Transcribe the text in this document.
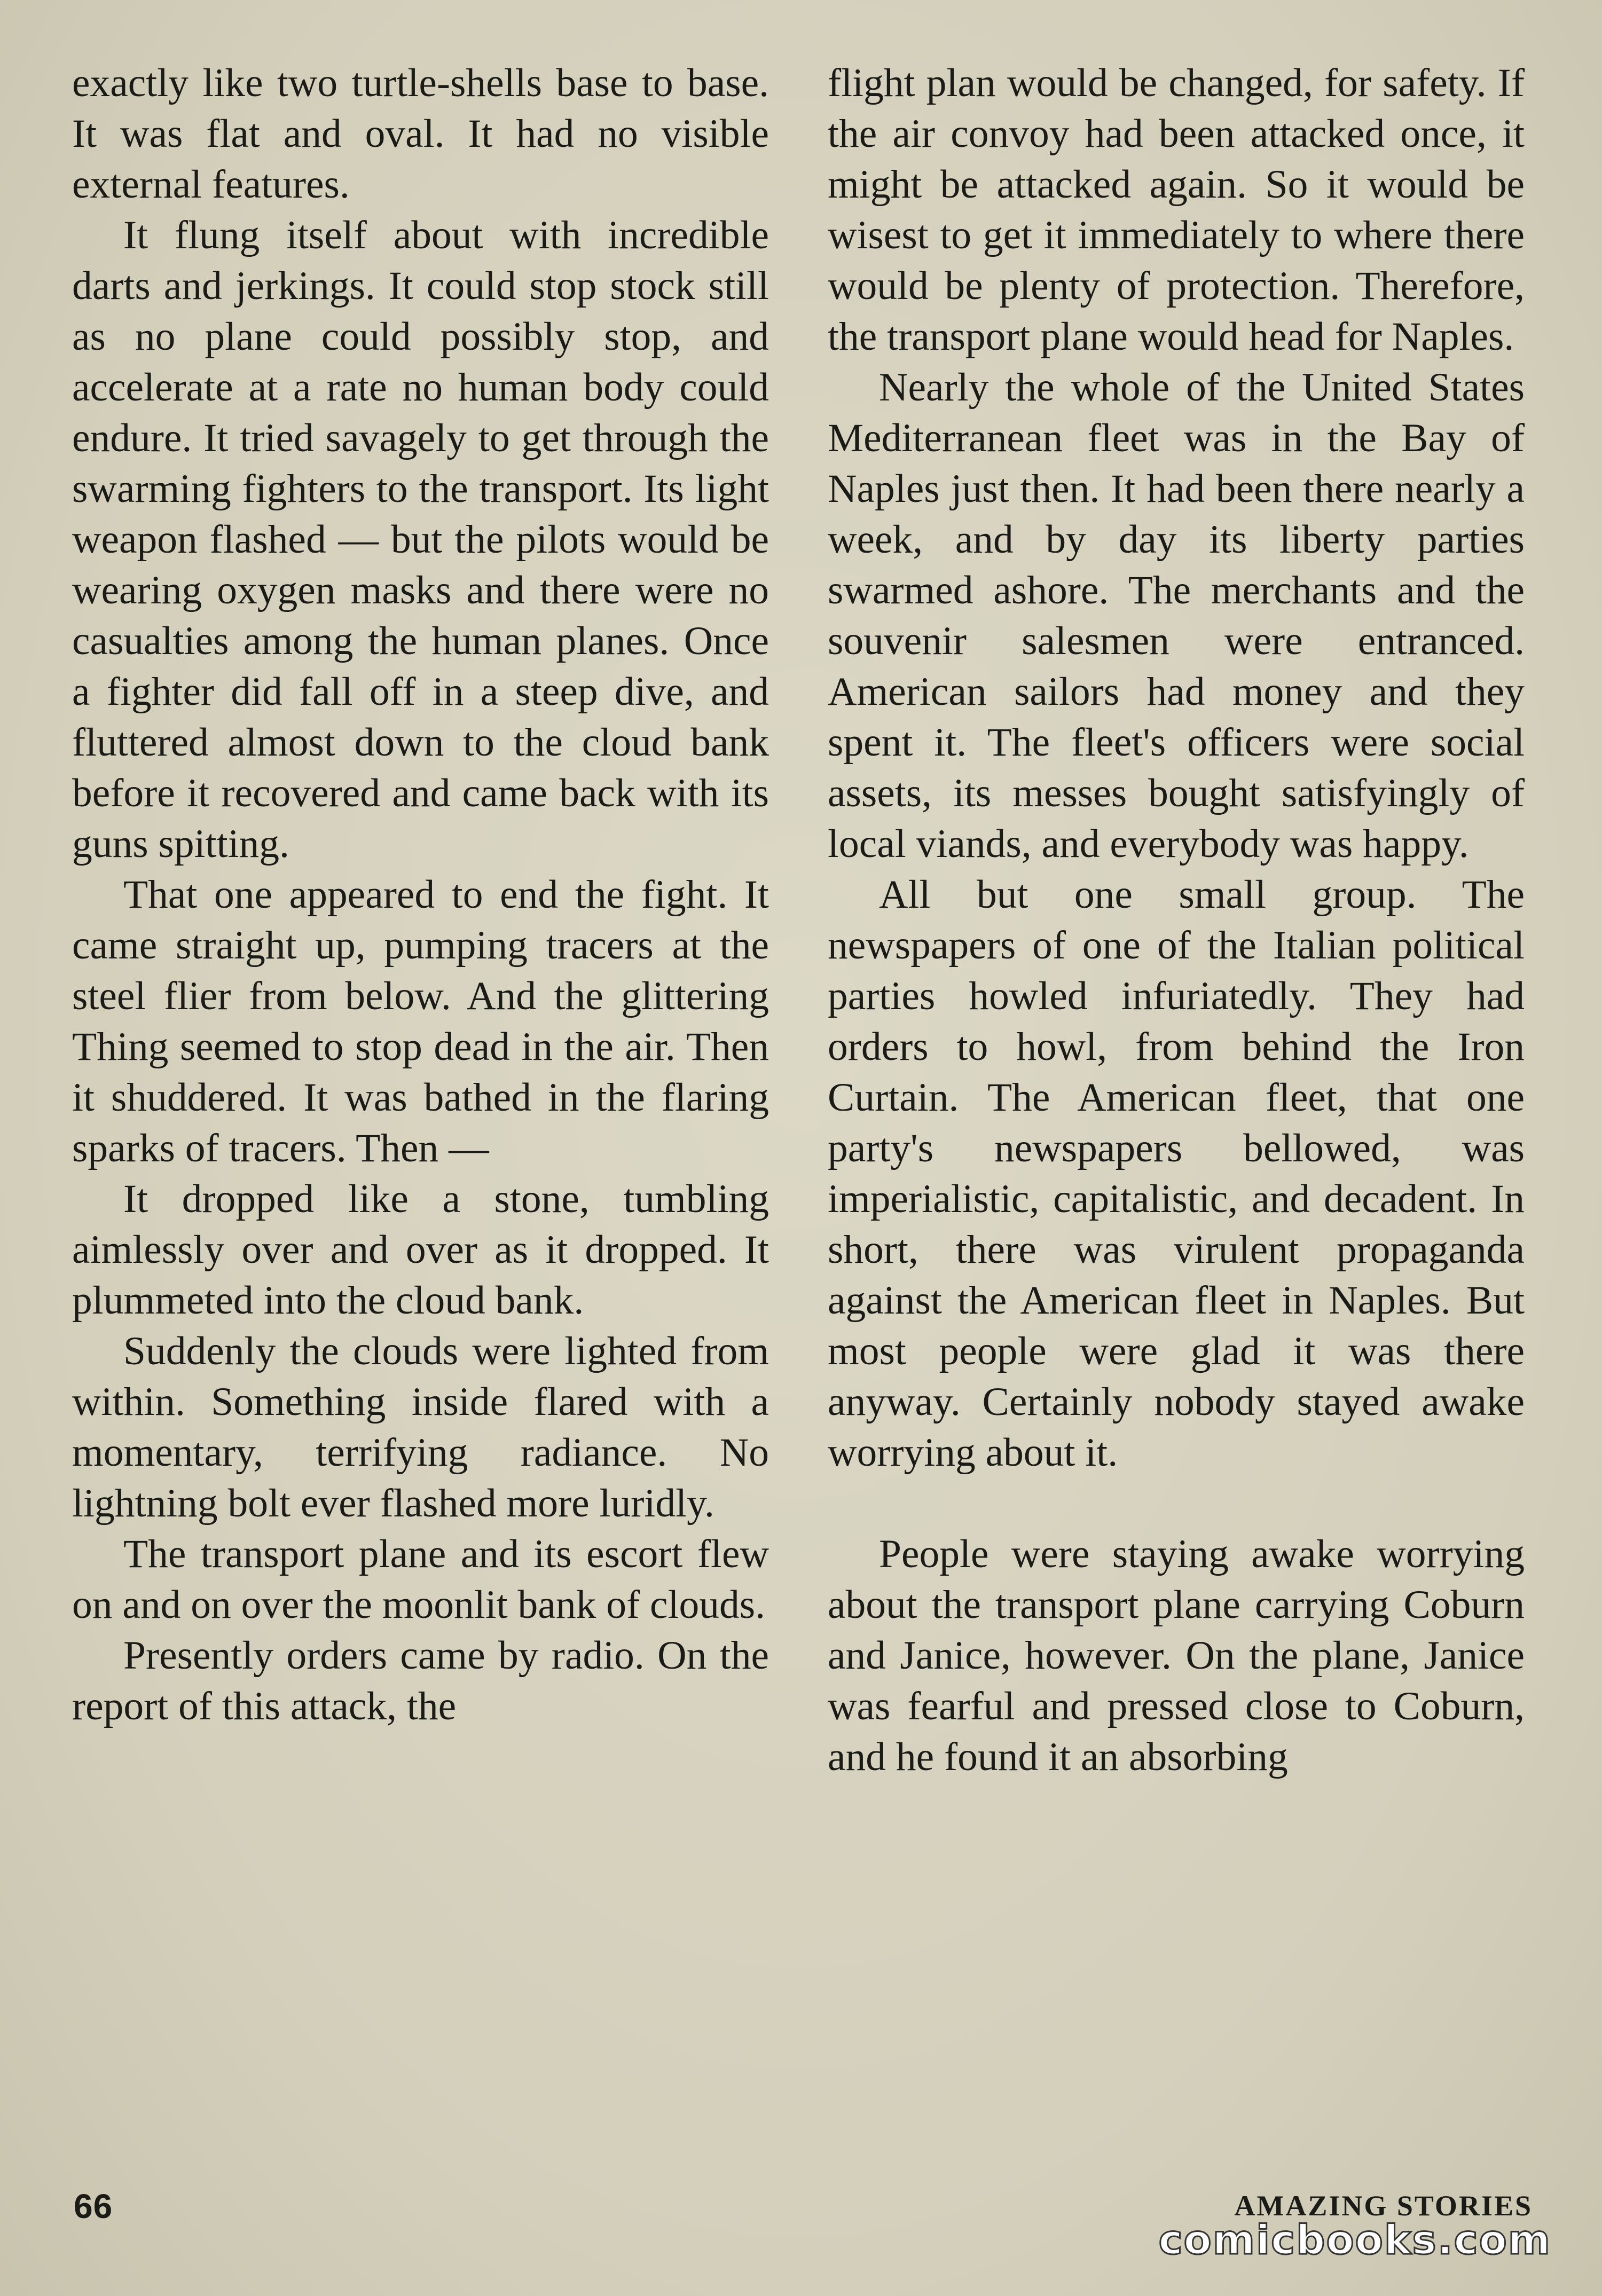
exactly like two turtle-shells base to base. It was flat and oval. It had no visible external features.

It flung itself about with incredible darts and jerkings. It could stop stock still as no plane could possibly stop, and accelerate at a rate no human body could endure. It tried savagely to get through the swarming fighters to the transport. Its light weapon flashed — but the pilots would be wearing oxygen masks and there were no casualties among the human planes. Once a fighter did fall off in a steep dive, and fluttered almost down to the cloud bank before it recovered and came back with its guns spitting.

That one appeared to end the fight. It came straight up, pumping tracers at the steel flier from below. And the glittering Thing seemed to stop dead in the air. Then it shuddered. It was bathed in the flaring sparks of tracers. Then —

It dropped like a stone, tumbling aimlessly over and over as it dropped. It plummeted into the cloud bank.

Suddenly the clouds were lighted from within. Something inside flared with a momentary, terrifying radiance. No lightning bolt ever flashed more luridly.

The transport plane and its escort flew on and on over the moonlit bank of clouds.

Presently orders came by radio. On the report of this attack, the

flight plan would be changed, for safety. If the air convoy had been attacked once, it might be attacked again. So it would be wisest to get it immediately to where there would be plenty of protection. Therefore, the transport plane would head for Naples.

Nearly the whole of the United States Mediterranean fleet was in the Bay of Naples just then. It had been there nearly a week, and by day its liberty parties swarmed ashore. The merchants and the souvenir salesmen were entranced. American sailors had money and they spent it. The fleet's officers were social assets, its messes bought satisfyingly of local viands, and everybody was happy.

All but one small group. The newspapers of one of the Italian political parties howled infuriatedly. They had orders to howl, from behind the Iron Curtain. The American fleet, that one party's newspapers bellowed, was imperialistic, capitalistic, and decadent. In short, there was virulent propaganda against the American fleet in Naples. But most people were glad it was there anyway. Certainly nobody stayed awake worrying about it.

People were staying awake worrying about the transport plane carrying Coburn and Janice, however. On the plane, Janice was fearful and pressed close to Coburn, and he found it an absorbing

66	AMAZING STORIES
comicbooks.com
